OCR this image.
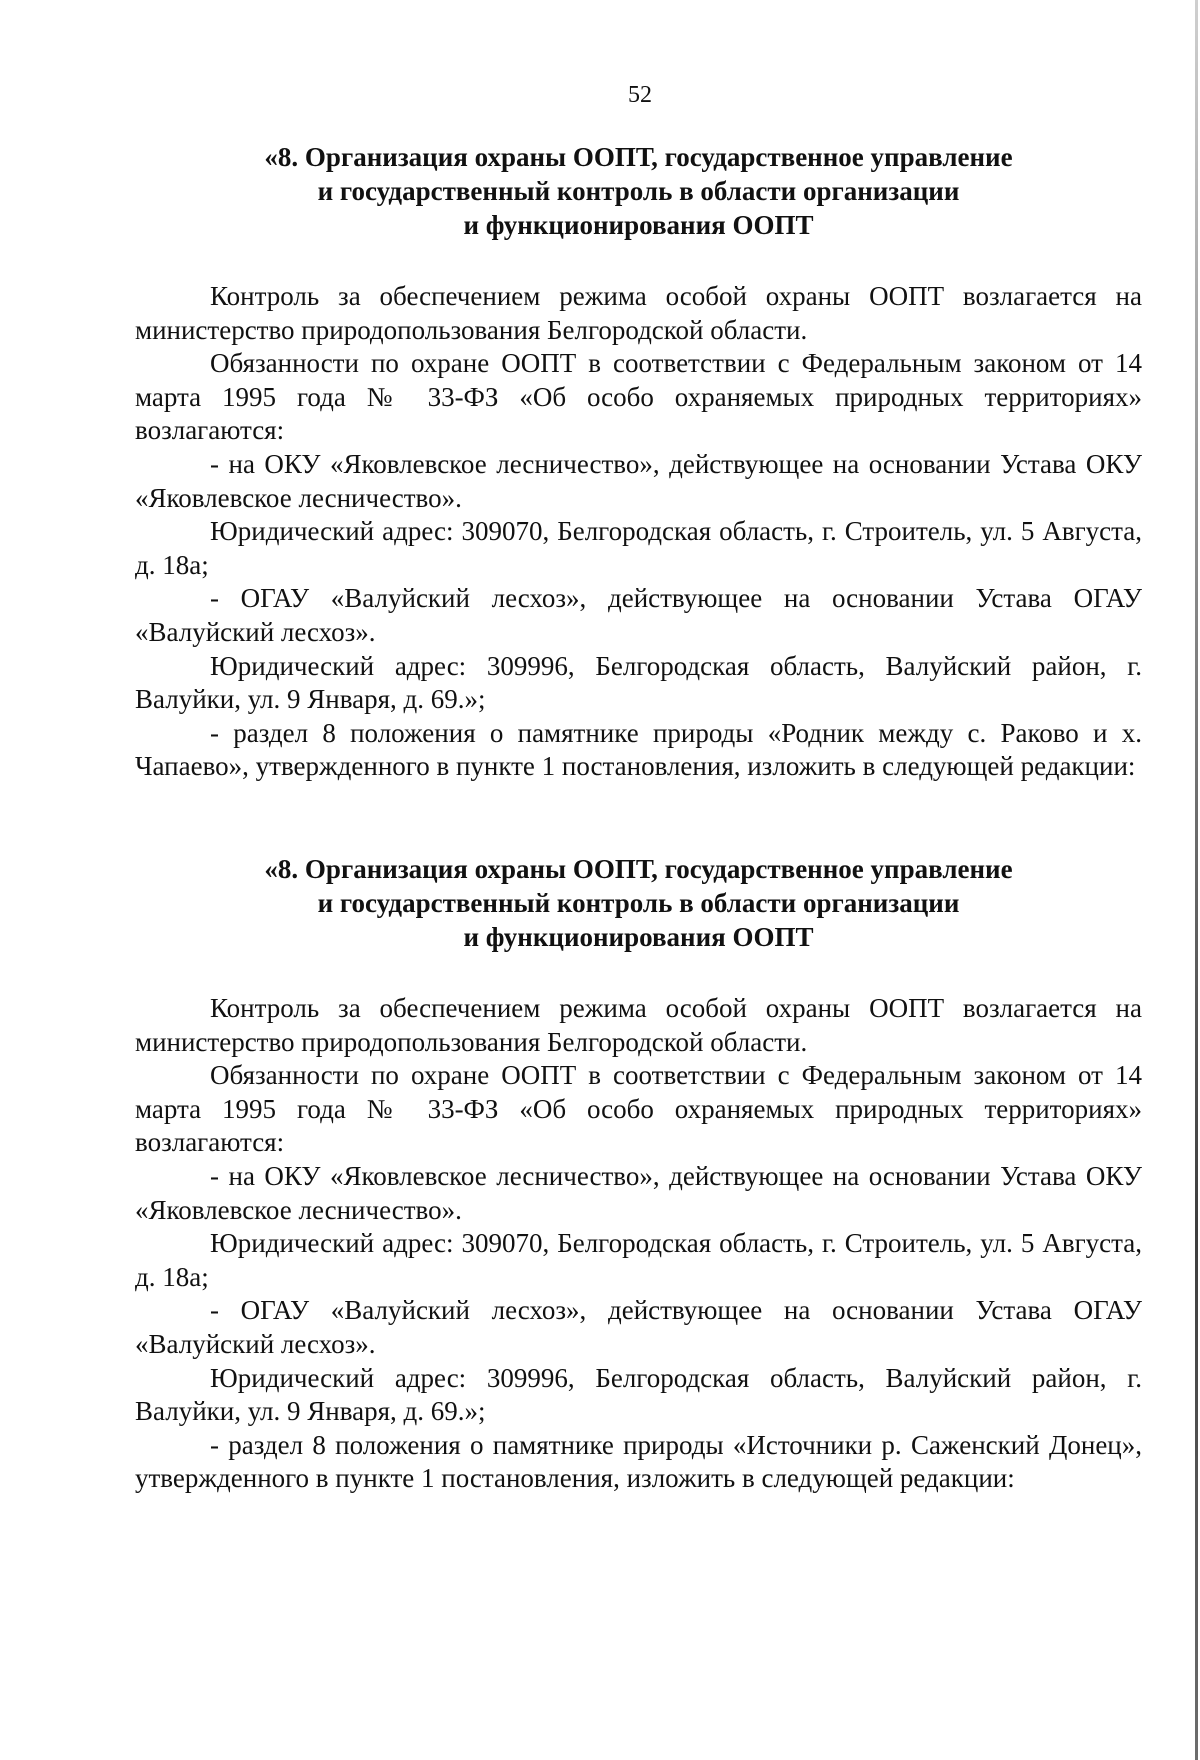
52
«8. Организация охраны ООПТ, государственное управление
и государственный контроль в области организации
и функционирования ООПТ

Контроль за обеспечением режима особой охраны ООПТ возлагается на министерство природопользования Белгородской области.

Обязанности по охране ООПТ в соответствии с Федеральным законом от 14 марта 1995 года № 33-ФЗ «Об особо охраняемых природных территориях» возлагаются:

- на ОКУ «Яковлевское лесничество», действующее на основании Устава ОКУ «Яковлевское лесничество».

Юридический адрес: 309070, Белгородская область, г. Строитель, ул. 5 Августа, д. 18а;

- ОГАУ «Валуйский лесхоз», действующее на основании Устава ОГАУ «Валуйский лесхоз».

Юридический адрес: 309996, Белгородская область, Валуйский район, г. Валуйки, ул. 9 Января, д. 69.»;

- раздел 8 положения о памятнике природы «Родник между с. Раково и х. Чапаево», утвержденного в пункте 1 постановления, изложить в следующей редакции:

«8. Организация охраны ООПТ, государственное управление
и государственный контроль в области организации
и функционирования ООПТ

Контроль за обеспечением режима особой охраны ООПТ возлагается на министерство природопользования Белгородской области.

Обязанности по охране ООПТ в соответствии с Федеральным законом от 14 марта 1995 года № 33-ФЗ «Об особо охраняемых природных территориях» возлагаются:

- на ОКУ «Яковлевское лесничество», действующее на основании Устава ОКУ «Яковлевское лесничество».

Юридический адрес: 309070, Белгородская область, г. Строитель, ул. 5 Августа, д. 18а;

- ОГАУ «Валуйский лесхоз», действующее на основании Устава ОГАУ «Валуйский лесхоз».

Юридический адрес: 309996, Белгородская область, Валуйский район, г. Валуйки, ул. 9 Января, д. 69.»;

- раздел 8 положения о памятнике природы «Источники р. Саженский Донец», утвержденного в пункте 1 постановления, изложить в следующей редакции:
